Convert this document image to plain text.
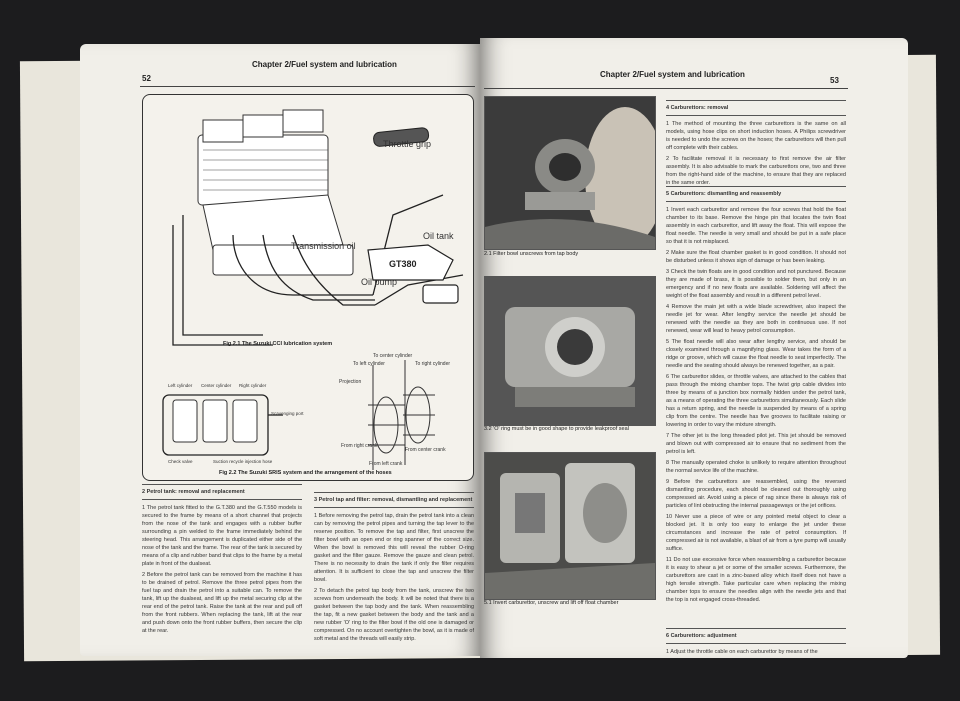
52
Chapter 2/Fuel system and lubrication
GT380
Throttle grip
Transmission oil
Oil tank
Oil pump
Fig 2.1 The Suzuki CCI lubrication system
Left cylinder Center cylinder Right cylinder
Scavenging port
Check valve	Suction recycle injection hose
To center cylinder
To left cylinder	To right cylinder
Projection
From right crank
From center crank
From left crank
Fig 2.2 The Suzuki SRIS system and the arrangement of the hoses
2 Petrol tank: removal and replacement

1 The petrol tank fitted to the G.T.380 and the G.T.550 models is secured to the frame by means of a short channel that projects from the nose of the tank and engages with a rubber buffer surrounding a pin welded to the frame immediately behind the steering head. This arrangement is duplicated either side of the nose of the tank and the frame. The rear of the tank is secured by means of a clip and rubber band that clips to the frame by a metal plate in front of the dualseat.

2 Before the petrol tank can be removed from the machine it has to be drained of petrol. Remove the three petrol pipes from the fuel tap and drain the petrol into a suitable can. To remove the tank, lift up the dualseat, and lift up the metal securing clip at the rear end of the petrol tank. Raise the tank at the rear and pull off from the front rubbers. When replacing the tank, lift at the rear and push down onto the front rubber buffers, then secure the clip at the rear.

3 Petrol tap and filter: removal, dismantling and replacement

1 Before removing the petrol tap, drain the petrol tank into a clean can by removing the petrol pipes and turning the tap lever to the reserve position. To remove the tap and filter, first unscrew the filter bowl with an open end or ring spanner of the correct size. When the bowl is removed this will reveal the rubber O-ring gasket and the filter gauze. Remove the gauze and clean petrol. There is no necessity to drain the tank if only the filter requires attention. It is sufficient to close the tap and unscrew the filter bowl.

2 To detach the petrol tap body from the tank, unscrew the two screws from underneath the body. It will be noted that there is a gasket between the tap body and the tank. When reassembling the tap, fit a new gasket between the body and the tank and a new rubber 'O' ring to the filter bowl if the old one is damaged or compressed. On no account overtighten the bowl, as it is made of soft metal and the threads will easily strip.

Chapter 2/Fuel system and lubrication
53
2.1 Filter bowl unscrews from tap body
3.2 'O' ring must be in good shape to provide leakproof seal
5.1 Invert carburettor, unscrew and lift off float chamber
4 Carburettors: removal

1 The method of mounting the three carburettors is the same on all models, using hose clips on short induction hoses. A Philips screwdriver is needed to undo the screws on the hoses; the carburettors will then pull off complete with their cables.

2 To facilitate removal it is necessary to first remove the air filter assembly. It is also advisable to mark the carburettors one, two and three from the right-hand side of the machine, to ensure that they are replaced in the same order.

5 Carburettors: dismantling and reassembly

1 Invert each carburettor and remove the four screws that hold the float chamber to its base. Remove the hinge pin that locates the twin float assembly in each carburettor, and lift away the float. This will expose the float needle. The needle is very small and should be put in a safe place so that it is not misplaced.

2 Make sure the float chamber gasket is in good condition. It should not be disturbed unless it shows sign of damage or has been leaking.

3 Check the twin floats are in good condition and not punctured. Because they are made of brass, it is possible to solder them, but only in an emergency and if no new floats are available. Soldering will affect the weight of the float assembly and result in a different petrol level.

4 Remove the main jet with a wide blade screwdriver, also inspect the needle jet for wear. After lengthy service the needle jet should be renewed with the needle as they are both in continuous use. If not renewed, wear will lead to heavy petrol consumption.

5 The float needle will also wear after lengthy service, and should be closely examined through a magnifying glass. Wear takes the form of a ridge or groove, which will cause the float needle to seat imperfectly. The needle and the seating should always be renewed together, as a pair.

6 The carburettor slides, or throttle valves, are attached to the cables that pass through the mixing chamber tops. The twist grip cable divides into three by means of a junction box normally hidden under the petrol tank, as a means of operating the three carburettors simultaneously. Each slide has a return spring, and the needle is suspended by means of a spring clip from the centre. The needle has five grooves to facilitate raising or lowering in order to vary the mixture strength.

7 The other jet is the long threaded pilot jet. This jet should be removed and blown out with compressed air to ensure that no sediment from the petrol is left.

8 The manually operated choke is unlikely to require attention throughout the normal service life of the machine.

9 Before the carburettors are reassembled, using the reversed dismantling procedure, each should be cleaned out thoroughly using compressed air. Avoid using a piece of rag since there is always risk of particles of lint obstructing the internal passageways or the jet orifices.

10 Never use a piece of wire or any pointed metal object to clear a blocked jet. It is only too easy to enlarge the jet under these circumstances and increase the rate of petrol consumption. If compressed air is not available, a blast of air from a tyre pump will usually suffice.

11 Do not use excessive force when reassembling a carburettor because it is easy to shear a jet or some of the smaller screws. Furthermore, the carburettors are cast in a zinc-based alloy which itself does not have a high tensile strength. Take particular care when replacing the mixing chamber tops to ensure the needles align with the needle jets and that the top is not engaged cross-threaded.

6 Carburettors: adjustment

1 Adjust the throttle cable on each carburettor by means of the
